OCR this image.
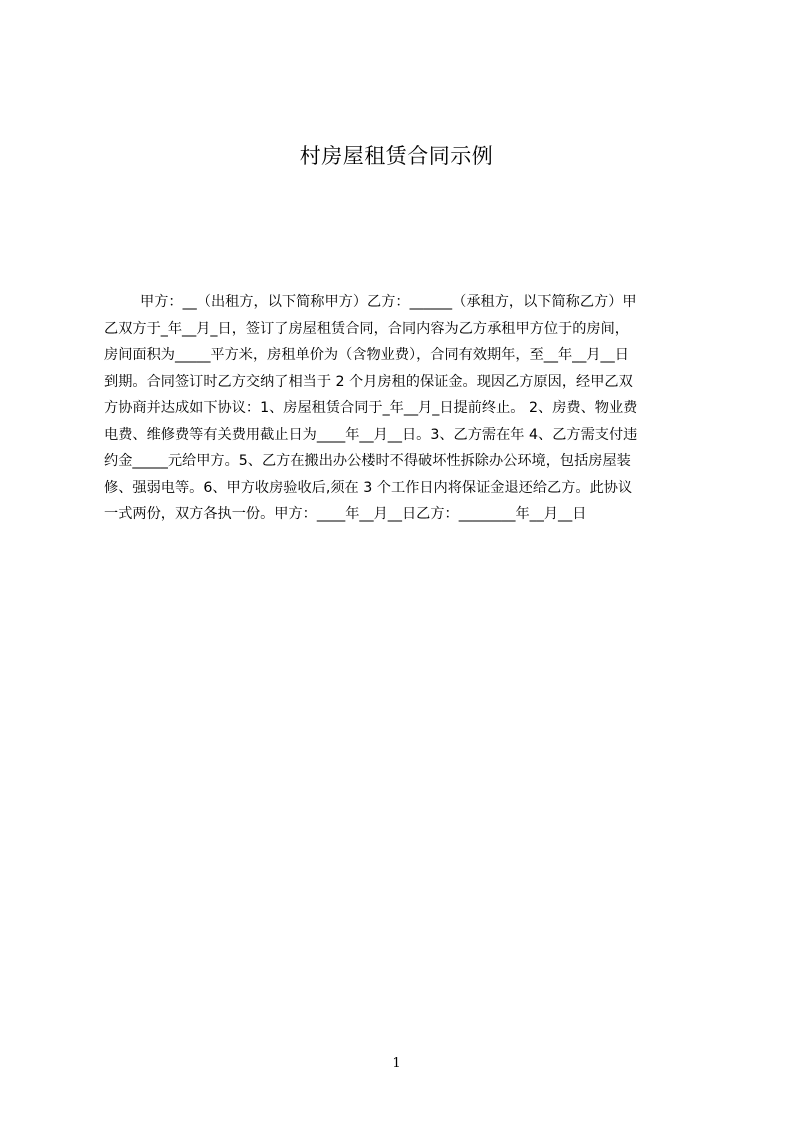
村房屋租赁合同示例
甲方：__（出租方，以下简称甲方）乙方：______（承租方，以下简称乙方）甲
乙双方于_年__月_日，签订了房屋租赁合同，合同内容为乙方承租甲方位于的房间，
房间面积为_____平方米，房租单价为（含物业费），合同有效期年，至__年__月__日
到期。合同签订时乙方交纳了相当于 2 个月房租的保证金。现因乙方原因，经甲乙双
方协商并达成如下协议：1、房屋租赁合同于_年__月_日提前终止。 2、房费、物业费
电费、维修费等有关费用截止日为____年__月__日。3、乙方需在年 4、乙方需支付违
约金_____元给甲方。5、乙方在搬出办公楼时不得破坏性拆除办公环境，包括房屋装
修、强弱电等。6、甲方收房验收后,须在 3 个工作日内将保证金退还给乙方。此协议
一式两份，双方各执一份。甲方：____年__月__日乙方：________年__月__日
1
